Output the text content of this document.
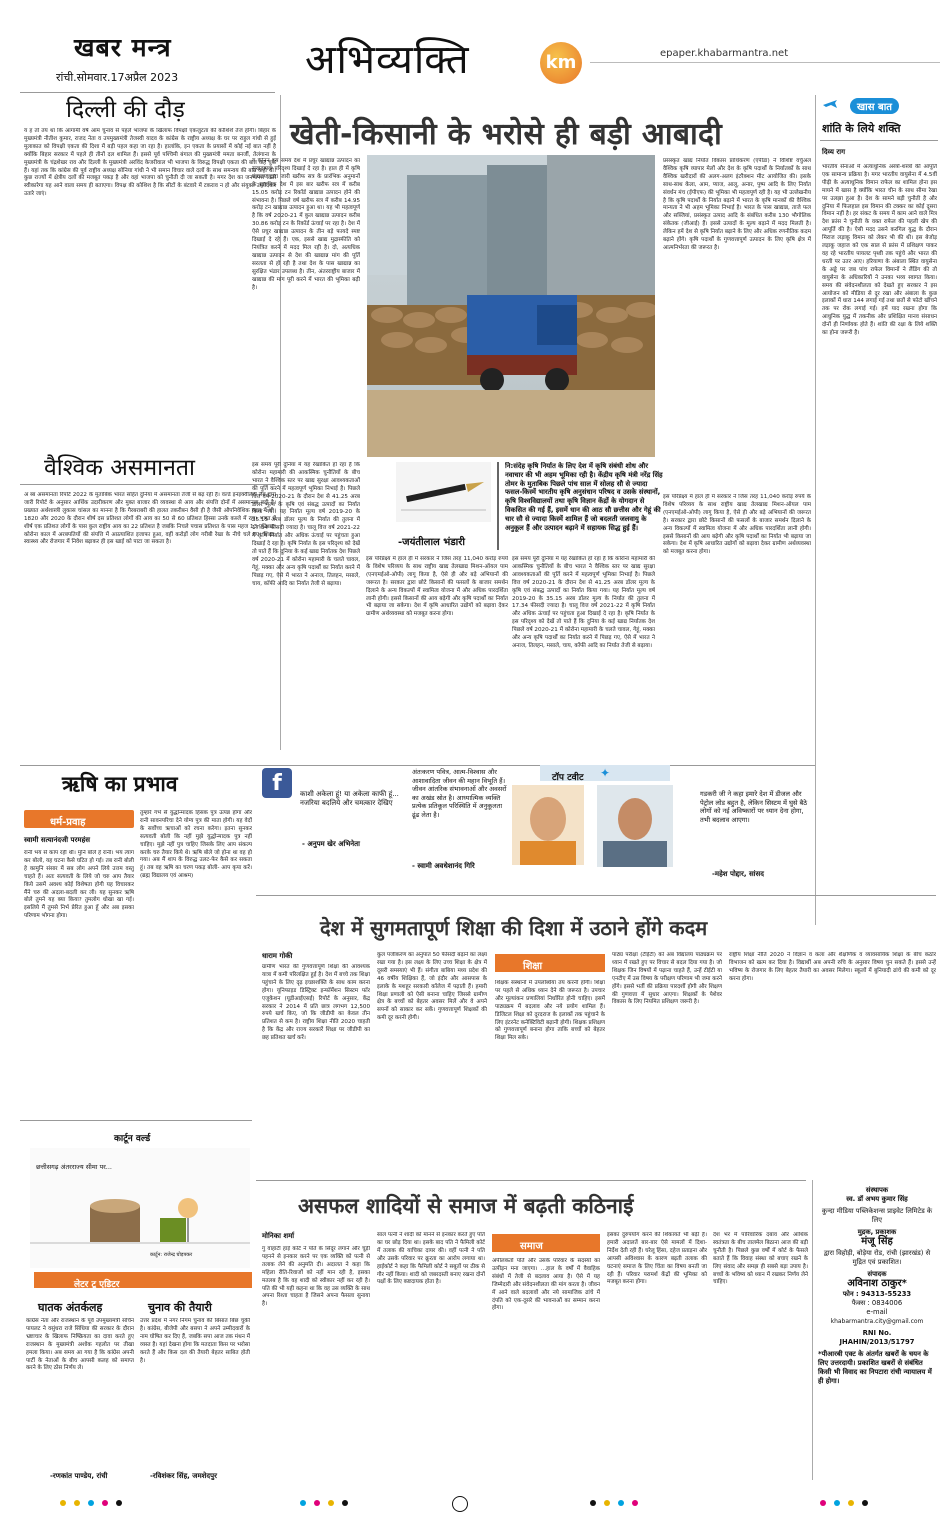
खबर मन्त्र
रांची.सोमवार.17अप्रैल 2023	अभिव्यक्ति	km	epaper.khabarmantra.net
दिल्ली की दौड़
य ह तो तय था कि आगामी वर्ष आम चुनाव से पहले भाजपा के खिलाफ विपक्षी एकजुटता की कोशिशें तेज होंगी। बिहार के मुख्यमंत्री नीतीश कुमार, राजद नेता व उपमुख्यमंत्री तेजस्वी यादव के कांग्रेस के राष्ट्रीय अध्यक्ष के घर पर राहुल गांधी से हुई मुलाकात को विपक्षी एकता की दिशा में बड़ी पहल कहा जा रहा है। हालांकि, इन एकता के प्रयासों में कोई नई बात नहीं है क्योंकि बिहार सरकार में पहले ही तीनों दल शामिल हैं। इससे पूर्व पश्चिमी बंगाल की मुख्यमंत्री ममता बनर्जी, तेलंगाना के मुख्यमंत्री के चंद्रशेखर राव और दिल्ली के मुख्यमंत्री अरविंद केजरीवाल भी भाजपा के विरुद्ध विपक्षी एकता की बात कह चुके हैं। यहां तक कि कांग्रेस की पूर्व राष्ट्रीय अध्यक्ष सोनिया गांधी ने भी समान विचार वाले दलों के साथ समन्वय की बात कही थी। कुछ राज्यों में क्षेत्रीय दलों की मजबूत पकड़ है और वहां भाजपा को चुनौती दी जा सकती है। मगर देश का जनमानस किसे स्वीकारेगा यह आने वाला समय ही बताएगा। विपक्ष की कोशिश है कि सीटों के बंटवारे में टकराव न हो और संयुक्त उम्मीदवार उतारे जाएं।
वैश्विक असमानता
अ ब्ब असमानता रिपोर्ट 2022 के मुताबिक भारत सहित दुनिया में असमानता तेजी से बढ़ रही है। वर्ल्ड इनइक्वैलिटी लैब द्वारा जारी रिपोर्ट के अनुसार आर्थिक उदारीकरण और मुक्त बाजार की व्यवस्था से आय और संपत्ति दोनों में असमानता बढ़ी है। प्रख्यात अर्थशास्त्री लुकास चांसल का मानना है कि गैरबराबरी की हालत तकरीबन वैसी ही है जैसी औपनिवेशिक काल में थी। 1820 और 2020 के दौरान शीर्ष दस प्रतिशत लोगों की आय का 50 से 60 प्रतिशत हिस्सा उनके कब्जे में रहा। भारत में शीर्ष एक प्रतिशत लोगों के पास कुल राष्ट्रीय आय का 22 प्रतिशत है जबकि निचले पचास प्रतिशत के पास महज 13 प्रतिशत। कोरोना काल में अरबपतियों की संपत्ति में अप्रत्याशित इजाफा हुआ, वहीं करोड़ों लोग गरीबी रेखा के नीचे चले गए। शिक्षा, स्वास्थ्य और रोजगार में निवेश बढ़ाकर ही इस खाई को पाटा जा सकता है।
खेती-किसानी के भरोसे ही बड़ी आबादी
य कीनन इस समय देश में प्रचुर खाद्यान्न उत्पादन का सुखदायक परिदृश्य दिखाई दे रहा है। हाल ही में कृषि मंत्रालय द्वारा जारी खरीफ सत्र के प्रारंभिक अनुमानों के मुताबिक देश में इस बार खरीफ सत्र में करीब 15.05 करोड़ टन रिकॉर्ड खाद्यान्न उत्पादन होने की संभावना है। पिछले वर्ष खरीफ सत्र में करीब 14.95 करोड़ टन खाद्यान्न उत्पादन हुआ था। यह भी महत्वपूर्ण है कि वर्ष 2020-21 में कुल खाद्यान्न उत्पादन करीब 30.86 करोड़ टन के रिकॉर्ड ऊंचाई पर रहा है। देश में ऐसे प्रचुर खाद्यान्न उत्पादन के तीन बड़े फायदे स्पष्ट दिखाई दे रहे हैं। एक, इससे खाद्य मुद्रास्फीति को नियंत्रित करने में मदद मिल रही है। दो, अत्यधिक खाद्यान्न उत्पादन से देश की खाद्यान्न मांग की पूर्ति सरलता से हो रही है तथा देश के पास खाद्यान्न का सुरक्षित भंडार उपलब्ध है। तीन, अंतरराष्ट्रीय बाजार में खाद्यान्न की मांग पूरी करने में भारत की भूमिका बढ़ी है।
इस समय पूरी दुनिया में यह रेखांकित हो रहा है कि कोरोना महामारी की आकस्मिक चुनौतियों के बीच भारत ने वैश्विक स्तर पर खाद्य सुरक्षा आवश्यकताओं की पूर्ति करने में महत्वपूर्ण भूमिका निभाई है। पिछले वित्त वर्ष 2020-21 के दौरान देश से 41.25 अरब डॉलर मूल्य के कृषि एवं संबद्ध उत्पादों का निर्यात किया गया। यह निर्यात मूल्य वर्ष 2019-20 के 35.15 अरब डॉलर मूल्य के निर्यात की तुलना में 17.34 फीसदी ज्यादा है। चालू वित्त वर्ष 2021-22 में कृषि निर्यात और अधिक ऊंचाई पर पहुंचता हुआ दिखाई दे रहा है। कृषि निर्यात के इस परिदृश्य को देखें तो पाते हैं कि दुनिया के कई खाद्य निर्यातक देश पिछले वर्ष 2020-21 में कोरोना महामारी के चलते चावल, गेहूं, मक्का और अन्य कृषि पदार्थों का निर्यात करने में पिछड़ गए, ऐसे में भारत ने अनाज, तिलहन, मसाले, चाय, कॉफी आदि का निर्यात तेजी से बढ़ाया।
-जयंतीलाल भंडारी
नि:संदेह कृषि निर्यात के लिए देश में कृषि संबंधी शोध और नवाचार की भी अहम भूमिका रही है। केंद्रीय कृषि मंत्री नरेंद्र सिंह तोमर के मुताबिक पिछले पांच साल में सोलह सौ से ज्यादा फसल-किस्में भारतीय कृषि अनुसंधान परिषद व उसके संस्थानों, कृषि विश्वविद्यालयों तथा कृषि विज्ञान केंद्रों के योगदान से विकसित की गई हैं, इसमें धान की आठ सौ छत्तीस और गेहूं की चार सौ से ज्यादा किस्में शामिल हैं जो बदलती जलवायु के अनुकूल हैं और उत्पादन बढ़ाने में सहायक सिद्ध हुई हैं।
इस परिप्रेक्ष्य में हाल ही में सरकार ने जिस तरह 11,040 करोड़ रुपये के विशेष परिव्यय के साथ राष्ट्रीय खाद्य तेलखाद्य मिशन-ऑयल पाम (एनएमईओ-ओपी) लागू किया है, ऐसे ही और बड़े अभियानों की जरूरत है। सरकार द्वारा छोटे किसानों की फसलों के बाजार समर्थन दिलाने के अन्य विकल्पों में स्वामित्व योजना में और अधिक पारदर्शिता लानी होगी। इससे किसानों की आय बढ़ेगी और कृषि पदार्थों का निर्यात भी बढ़ाया जा सकेगा। देश में कृषि आधारित उद्योगों को बढ़ावा देकर ग्रामीण अर्थव्यवस्था को मजबूत करना होगा।
इस समय पूरी दुनिया में यह रेखांकित हो रहा है कि कोरोना महामारी की आकस्मिक चुनौतियों के बीच भारत ने वैश्विक स्तर पर खाद्य सुरक्षा आवश्यकताओं की पूर्ति करने में महत्वपूर्ण भूमिका निभाई है। पिछले वित्त वर्ष 2020-21 के दौरान देश से 41.25 अरब डॉलर मूल्य के कृषि एवं संबद्ध उत्पादों का निर्यात किया गया। यह निर्यात मूल्य वर्ष 2019-20 के 35.15 अरब डॉलर मूल्य के निर्यात की तुलना में 17.34 फीसदी ज्यादा है। चालू वित्त वर्ष 2021-22 में कृषि निर्यात और अधिक ऊंचाई पर पहुंचता हुआ दिखाई दे रहा है। कृषि निर्यात के इस परिदृश्य को देखें तो पाते हैं कि दुनिया के कई खाद्य निर्यातक देश पिछले वर्ष 2020-21 में कोरोना महामारी के चलते चावल, गेहूं, मक्का और अन्य कृषि पदार्थों का निर्यात करने में पिछड़ गए, ऐसे में भारत ने अनाज, तिलहन, मसाले, चाय, कॉफी आदि का निर्यात तेजी से बढ़ाया।
प्रसंस्कृत खाद्य निर्यात विकास प्राधिकरण (एपीडा) ने विशिष्ट वर्चुअल वैश्विक कृषि व्यापार मेलों और देश के कृषि पदार्थों के निर्यातकों के साथ वैश्विक खरीदारों की अलग-अलग इंटरैक्शन मीट आयोजित की। इसके साथ-साथ केला, आम, प्याज, आलू, अनार, पुष्प आदि के लिए निर्यात संवर्धन मंच (ईपीएफ) की भूमिका भी महत्वपूर्ण रही है। यह भी उल्लेखनीय है कि कृषि पदार्थों के निर्यात बढ़ाने में भारत के कृषि मानकों की वैश्विक मान्यता ने भी अहम भूमिका निभाई है। भारत के पास खाद्यान्न, ताजे फल और सब्जियां, प्रसंस्कृत उत्पाद आदि के संबंधित करीब 130 भौगोलिक संकेतक (जीआई) हैं। इससे उत्पादों के मूल्य बढ़ाने में मदद मिलती है। लेकिन हमें देश से कृषि निर्यात बढ़ाने के लिए और अधिक रणनीतिक कदम बढ़ाने होंगे। कृषि पदार्थों के गुणवत्तापूर्ण उत्पादन के लिए कृषि क्षेत्र में आत्मनिर्भरता की जरूरत है।
इस परिप्रेक्ष्य में हाल ही में सरकार ने जिस तरह 11,040 करोड़ रुपये के विशेष परिव्यय के साथ राष्ट्रीय खाद्य तेलखाद्य मिशन-ऑयल पाम (एनएमईओ-ओपी) लागू किया है, ऐसे ही और बड़े अभियानों की जरूरत है। सरकार द्वारा छोटे किसानों की फसलों के बाजार समर्थन दिलाने के अन्य विकल्पों में स्वामित्व योजना में और अधिक पारदर्शिता लानी होगी। इससे किसानों की आय बढ़ेगी और कृषि पदार्थों का निर्यात भी बढ़ाया जा सकेगा। देश में कृषि आधारित उद्योगों को बढ़ावा देकर ग्रामीण अर्थव्यवस्था को मजबूत करना होगा।
खास बात
शांति के लिये शक्ति
दिव्य राग
भारतीय सेनाओं में अत्याधुनिक अस्त्रों-शस्त्रों की आपूर्ति एक सामान्य प्रक्रिया है। मगर भारतीय वायुसेना में 4.5वीं पीढ़ी के अत्याधुनिक विमान राफेल का शामिल होना इस मायने में खास है क्योंकि भारत चीन के साथ सीमा रेखा पर उलझा हुआ है। देश के सामने बड़ी चुनौती है और दुनिया में फिलहाल इस विमान की टक्कर का कोई दूसरा विमान नहीं है। हर संकट के समय में काम आने वाले मित्र देश फ्रांस ने चुनौती के वक्त राफेल की पहली खेप की आपूर्ति की है। ऐसी मदद उसने करगिल युद्ध के दौरान मिराज लड़ाकू विमान को लेकर भी की थी। इस बेजोड़ लड़ाकू जहाज को एक साल से फ्रांस में प्रशिक्षण पाकर वह रहे भारतीय पायलट पृथ्वी तक पहुंचे और भारत की धरती पर उतर आए। हरियाणा के अंबाला स्थित वायुसेना के अड्डे पर जब पांच राफेल विमानों ने लैंडिंग की तो वायुसेना के अधिकारियों ने उनका भव्य स्वागत किया। समय की संवेदनशीलता को देखते हुए सरकार ने इस आयोजन को मीडिया से दूर रखा और अंबाला के कुछ इलाकों में धारा 144 लगाई गई तथा छतों से फोटो खींचने तक पर रोक लगाई गई। हमें याद रखना होगा कि आधुनिक युद्ध में तकनीक और प्रशिक्षित मानव संसाधन दोनों ही निर्णायक होते हैं। शांति की रक्षा के लिये शक्ति का होना जरूरी है।
ऋषि का प्रभाव
धर्म-प्रवाह
स्वामी सत्यानंदजी परमहंस
रानी भय से कांप रही थी। मुनि बोले हे रानी। भय त्याग कर बोलो, यह घटना कैसे घटित हो गई। तब रानी बोली हे कामुनि संसार में सब लोग अपने लिये उत्तम वस्तु चाहते हैं। अतः सत्यवती के लिये जो चरु आप तैयार किये उसमें अवश्य कोई विशेषता होगी यह विचारकर मैंने चरु की अदला-बदली कर ली। यह सुनकर ऋषि बोले तुमने यह क्या किया? तुमलोग धोखा खा गई। इसलिये मैं तुमसे निर्भ प्रेरित हुआ हूँ और अब इसका परिणाम भोगना होगा।
तुम्हारे गर्भ से युद्धोन्मादक हिंसक पुत्र उत्पन्न होगा और रानी सावनपरिचा देने योग्य पुत्र की माता होगी। यह वेदों के सर्वोच्च ऋचाओं को रचना करेगा। इतना सुनकर सत्यवती बोली कि नहीं मुझे युद्धोन्मादक पुत्र नहीं चाहिए। मुझे नहीं पुत्र चाहिए जिसके लिए आप संकल्प करके चरु तैयार किये थे। ऋषि बोले जो होना था वह हो गया। अब मैं शाप के विरुद्ध उलट-फेर कैसे कर सकता हूं। तब वह ऋषि का चरण पकड़ बोली- आप कृपा करें। (ब्रह्म विद्यालय एवं आश्रम)
f	काशी अकेला हूं! या अकेला काफी हूं... नजरिया बदलिये और चमत्कार देखिए
- अनुपम खेर अभिनेता
अंतःकरण पवित्र, आत्म-विश्वास और आशावादिता जीवन की महान विभूति हैं। जीवन आंतरिक संभावनाओं और अवसरों का अखंड स्रोत है। आध्यात्मिक व्यक्ति प्रत्येक प्रतिकूल परिस्थिति में अनुकूलता ढूंढ लेता है।
- स्वामी अवधेशानंद गिरि
टॉप टवीट ✦
गडकरी जी ने कहा इमारे देश में डीजल और पेट्रोल लोड बहुत है, लेकिन सिस्टम में घुसे बैठे लोगों को नई अविष्कारों पर ध्यान देना होगा, तभी बदलाव आएगा।
-महेश पोद्दार, सांसद
देश में सुगमतापूर्ण शिक्षा की दिशा में उठाने होंगे कदम
धाराम गोकी
ग्रामीण भारत की गुणवत्तापूर्ण शिक्षा की आवश्यक यात्रा में कमी परिलक्षित हुई है। देश में बच्चे तक शिक्षा पहुंचाने के लिए दृढ़ इच्छाशक्ति के साथ काम करना होगा। यूनिफाइड डिस्ट्रिक्ट इन्फॉर्मेशन सिस्टम फॉर एजुकेशन (यूडीआईएसई) रिपोर्ट के अनुसार, केंद्र सरकार ने 2014 में प्रति छात्र लगभग 12,500 रुपये खर्च किए, जो कि जीडीपी का केवल तीन प्रतिशत से कम है। राष्ट्रीय शिक्षा नीति 2020 चाहती है कि केंद्र और राज्य सरकारें शिक्षा पर जीडीपी का छह प्रतिशत खर्च करें।
कुल पंजीकरण का अनुपात 50 फीसदी बढ़ाने का लक्ष्य रखा गया है। इस लक्ष्य के लिए उच्च शिक्षा के क्षेत्र में दूसरी समस्याएं भी हैं। संगीता बाबिया मध्य प्रदेश की 46 वर्षीय शिक्षिका हैं, जो इंदौर और आसपास के इलाके के मशहूर सरकारी कॉलेज में पढ़ाती हैं। हमारी शिक्षा प्रणाली को ऐसी बनाना चाहिए जिससे ग्रामीण क्षेत्र के बच्चों को बेहतर अवसर मिलें और वे अपने सपनों को साकार कर सकें। गुणवत्तापूर्ण शिक्षकों की कमी दूर करनी होगी।
शिक्षा
शिक्षक संस्थानों में उपलब्धियां तय करनी होंगी। शिक्षा पर पहले से अधिक ध्यान देने की जरूरत है। उपचार और मूल्यांकन प्रणालियां निर्धारित होनी चाहिए। इसमें पाठ्यक्रम में बदलाव और नये प्रयोग शामिल हैं। डिजिटल शिक्षा को दूरदराज के इलाकों तक पहुंचाने के लिए इंटरनेट कनेक्टिविटी बढ़ानी होगी। शिक्षक प्रशिक्षण को गुणवत्तापूर्ण बनाना होगा ताकि बच्चों को बेहतर शिक्षा मिल सके।
पाठ्य परीक्षा (टीईटी) को अब विद्यालय पाठ्यक्रम पर ध्यान में रखते हुए पर विचार से बदल दिया गया है। जो शिक्षक जिन विषयों में पढ़ाना चाहते हैं, उन्हें टीईटी या एनटीए में उस विषय के परीक्षण परिणाम भी जमा करने होंगे। इससे भर्ती की प्रक्रिया पारदर्शी होगी और शिक्षण की गुणवत्ता में सुधार आएगा। शिक्षकों के पेशेवर विकास के लिए नियमित प्रशिक्षण जरूरी है।
राष्ट्रीय शिक्षा नीति 2020 ने विज्ञान व कला और शैक्षणिक व व्यावसायिक शिक्षा के बीच कठोर विभाजन को खत्म कर दिया है। विद्यार्थी अब अपनी रुचि के अनुसार विषय चुन सकते हैं। इससे उन्हें भविष्य के रोजगार के लिए बेहतर तैयारी का अवसर मिलेगा। स्कूलों में बुनियादी ढांचे की कमी को दूर करना होगा।
कार्टून वर्ल्ड
छत्तीसगढ़ अंतरराज्य सीमा पर...
कार्टून: राजेन्द्र घोड़पकर
लेटर टू एडिटर
घातक अंतर्कलह
कांग्रेस नेता और राजस्थान के पूर्व उपमुख्यमंत्री सचिन पायलट ने वसुंधरा राजे सिंधिया की सरकार के दौरान भ्रष्टाचार के खिलाफ निष्क्रियता का दावा करते हुए राजस्थान के मुख्यमंत्री अशोक गहलोत पर तीखा हमला किया। अब समय आ गया है कि कांग्रेस अपनी पार्टी के नेताओं के बीच आपसी कलह को समाप्त करने के लिए ठोस निर्णय ले।
-रणकांत पाण्डेय, रांची
चुनाव की तैयारी
उत्तर प्रदेश में नगर निगम चुनाव की बिसात बिछ चुकी है। कांग्रेस, बीजेपी और बसपा ने अपने उम्मीदवारों के नाम घोषित कर दिए हैं, जबकि सपा आज तक मंथन में व्यस्त है। यहां देखना होगा कि मतदाता किस पर भरोसा करते हैं और किस दल की तैयारी बेहतर साबित होती है।
-रविशंकर सिंह, जमशेदपुर
असफल शादियों से समाज में बढ़ती कठिनाई
मोनिका शर्मा
गु वाहाटी हाई कोर्ट ने पति के सिंदूर लगाने और चूड़ी पहनने से इनकार करने पर एक व्यक्ति को पत्नी से तलाक लेने की अनुमति दी। अदालत ने कहा कि महिला रीति-रिवाजों को नहीं मान रही है, इसका मतलब है कि वह शादी को स्वीकार नहीं कर रही है। पति की भी यही कहना था कि वह उस व्यक्ति के साथ अपना रिश्ता चाहता है जिसने अपना फैसला सुनाया है।
साल पत्नी ने शादी को मानने से इनकार करते हुए पति का घर छोड़ दिया था। इसके बाद पति ने फैमिली कोर्ट में तलाक की याचिका दायर की। वहीं पत्नी ने पति और उसके परिवार पर क्रूरता का आरोप लगाया था। हाईकोर्ट ने कहा कि फैमिली कोर्ट ने सबूतों पर ठीक से गौर नहीं किया। शादी को जबरदस्ती बनाए रखना दोनों पक्षों के लिए कष्टदायक होता है।
समाज
अपीलकर्ता पति और उसके परिवार के सदस्यों का उत्पीड़न मना जाएगा। ...हाल के वर्षों में वैवाहिक संबंधों में तेजी से बदलाव आया है। ऐसे में यह जिम्मेदारी और संवेदनशीलता की मांग करता है। जीवन में आने वाले बदलावों और नये सामाजिक ढांचे में दंपति को एक-दूसरे की भावनाओं का सम्मान करना होगा।
इसका दुरुपयोग करने की शिकायतें भी बढ़ी हैं। हमारी अदालतें बार-बार ऐसे मामलों में दिशा-निर्देश देती रही हैं। घरेलू हिंसा, दहेज प्रताड़ना और आपसी अविश्वास के कारण बढ़ती तलाक की घटनाएं समाज के लिए चिंता का विषय बनती जा रही हैं। परिवार परामर्श केंद्रों की भूमिका को मजबूत करना होगा।
देश भर में पारिवारिक दबाव और आर्थिक स्वतंत्रता के बीच तालमेल बिठाना आज की बड़ी चुनौती है। पिछले कुछ वर्षों में कोर्ट के फैसले बताते हैं कि विवाह संस्था को बचाए रखने के लिए संवाद और समझ ही सबसे बड़ा उपाय है। बच्चों के भविष्य को ध्यान में रखकर निर्णय लेने चाहिए।
संस्थापक
स्व. डॉ अभय कुमार सिंह
कुन्दा मीडिया पब्लिकेशन्स प्राइवेट लिमिटेड के लिए
मुद्रक, प्रकाशक
मंजू सिंह
द्वारा विहोड़ी, बोड़ेया रोड, रांची (झारखंड) से मुद्रित एवं प्रकाशित।
संपादक
अविनाश ठाकुर*
फोन : 94313-55233
फैक्स : 0834006
e-mail
khabarmantra.city@gmail.com
RNI No.
JHAHIN/2013/51797
*पीआरबी एक्ट के अंतर्गत खबरों के चयन के लिए उत्तरदायी। प्रकाशित खबरों से संबंधित किसी भी विवाद का निपटारा रांची न्यायालय में ही होगा।
